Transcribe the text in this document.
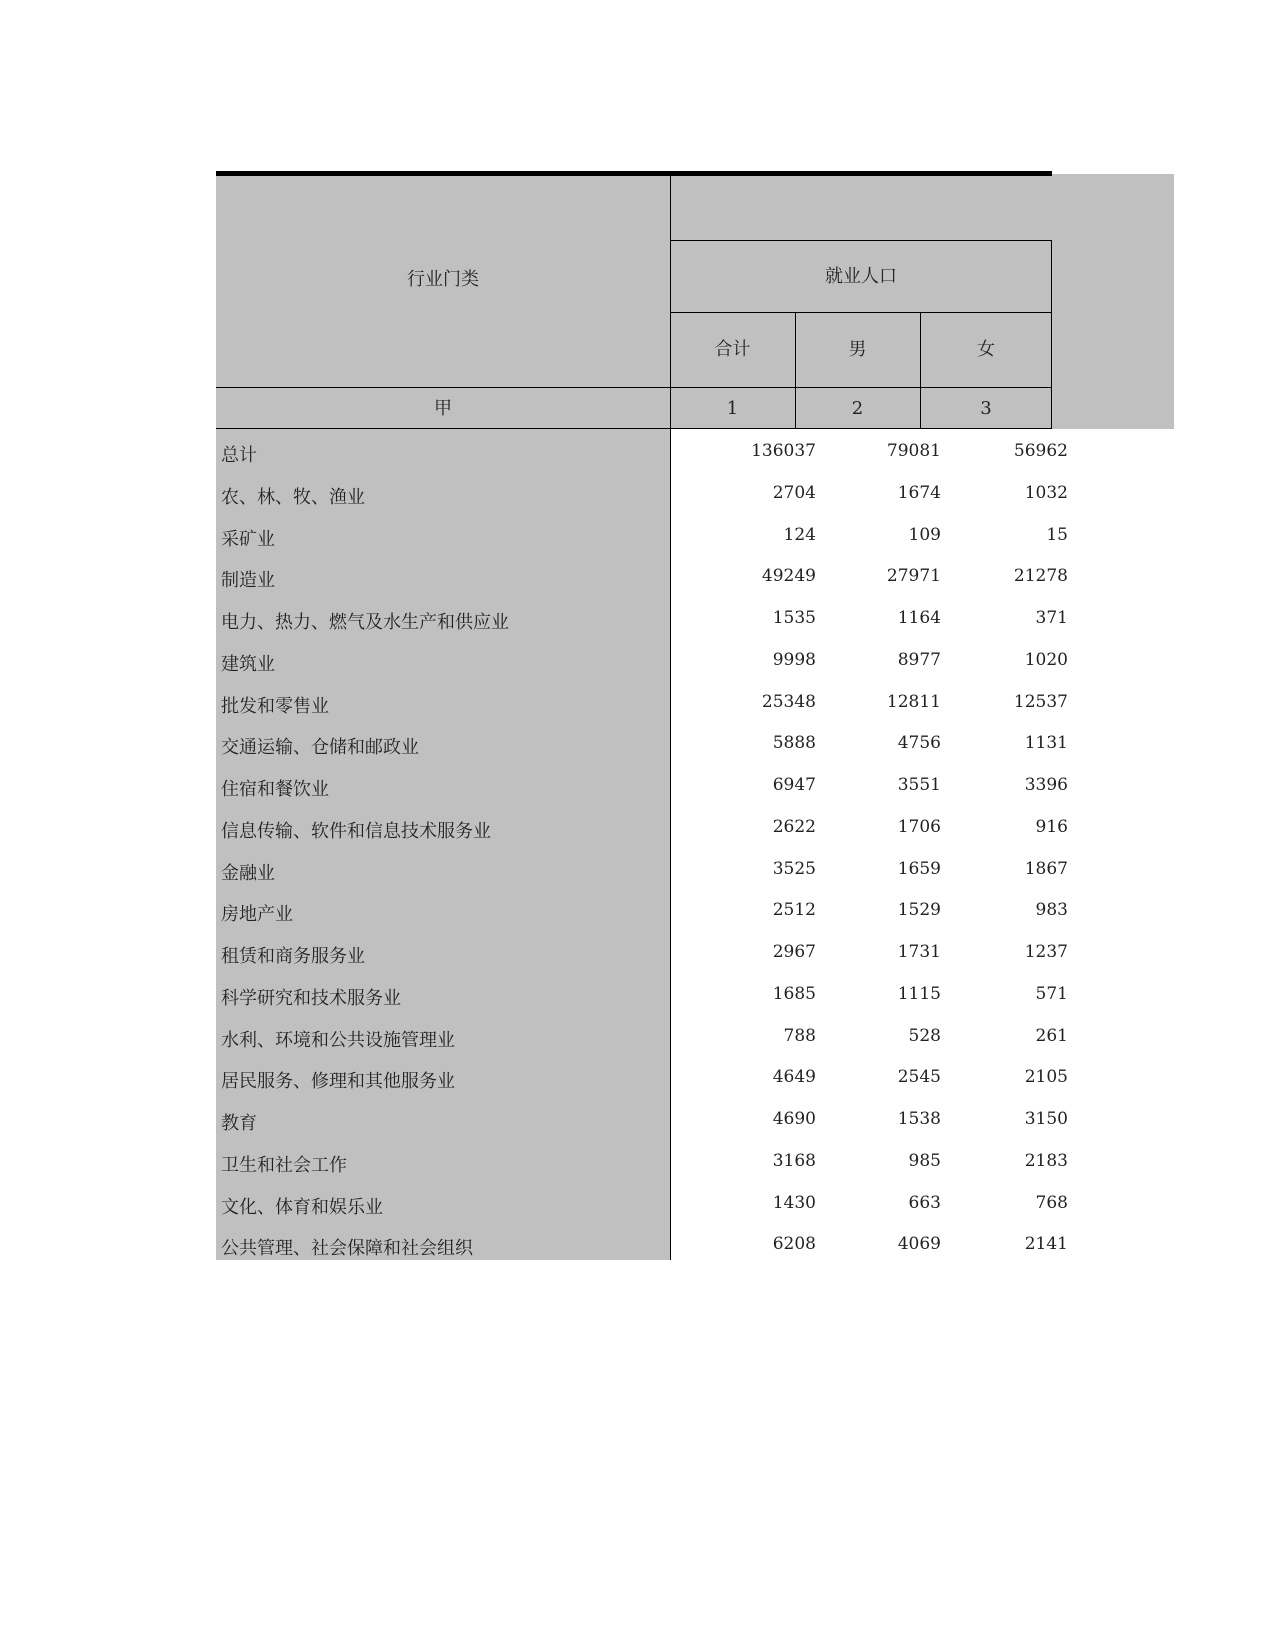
行业门类	就业人口
合计	男	女
甲	1	2	3
总计	136037	79081	56962
农、林、牧、渔业	2704	1674	1032
采矿业	124	109	15
制造业	49249	27971	21278
电力、热力、燃气及水生产和供应业	1535	1164	371
建筑业	9998	8977	1020
批发和零售业	25348	12811	12537
交通运输、仓储和邮政业	5888	4756	1131
住宿和餐饮业	6947	3551	3396
信息传输、软件和信息技术服务业	2622	1706	916
金融业	3525	1659	1867
房地产业	2512	1529	983
租赁和商务服务业	2967	1731	1237
科学研究和技术服务业	1685	1115	571
水利、环境和公共设施管理业	788	528	261
居民服务、修理和其他服务业	4649	2545	2105
教育	4690	1538	3150
卫生和社会工作	3168	985	2183
文化、体育和娱乐业	1430	663	768
公共管理、社会保障和社会组织	6208	4069	2141
